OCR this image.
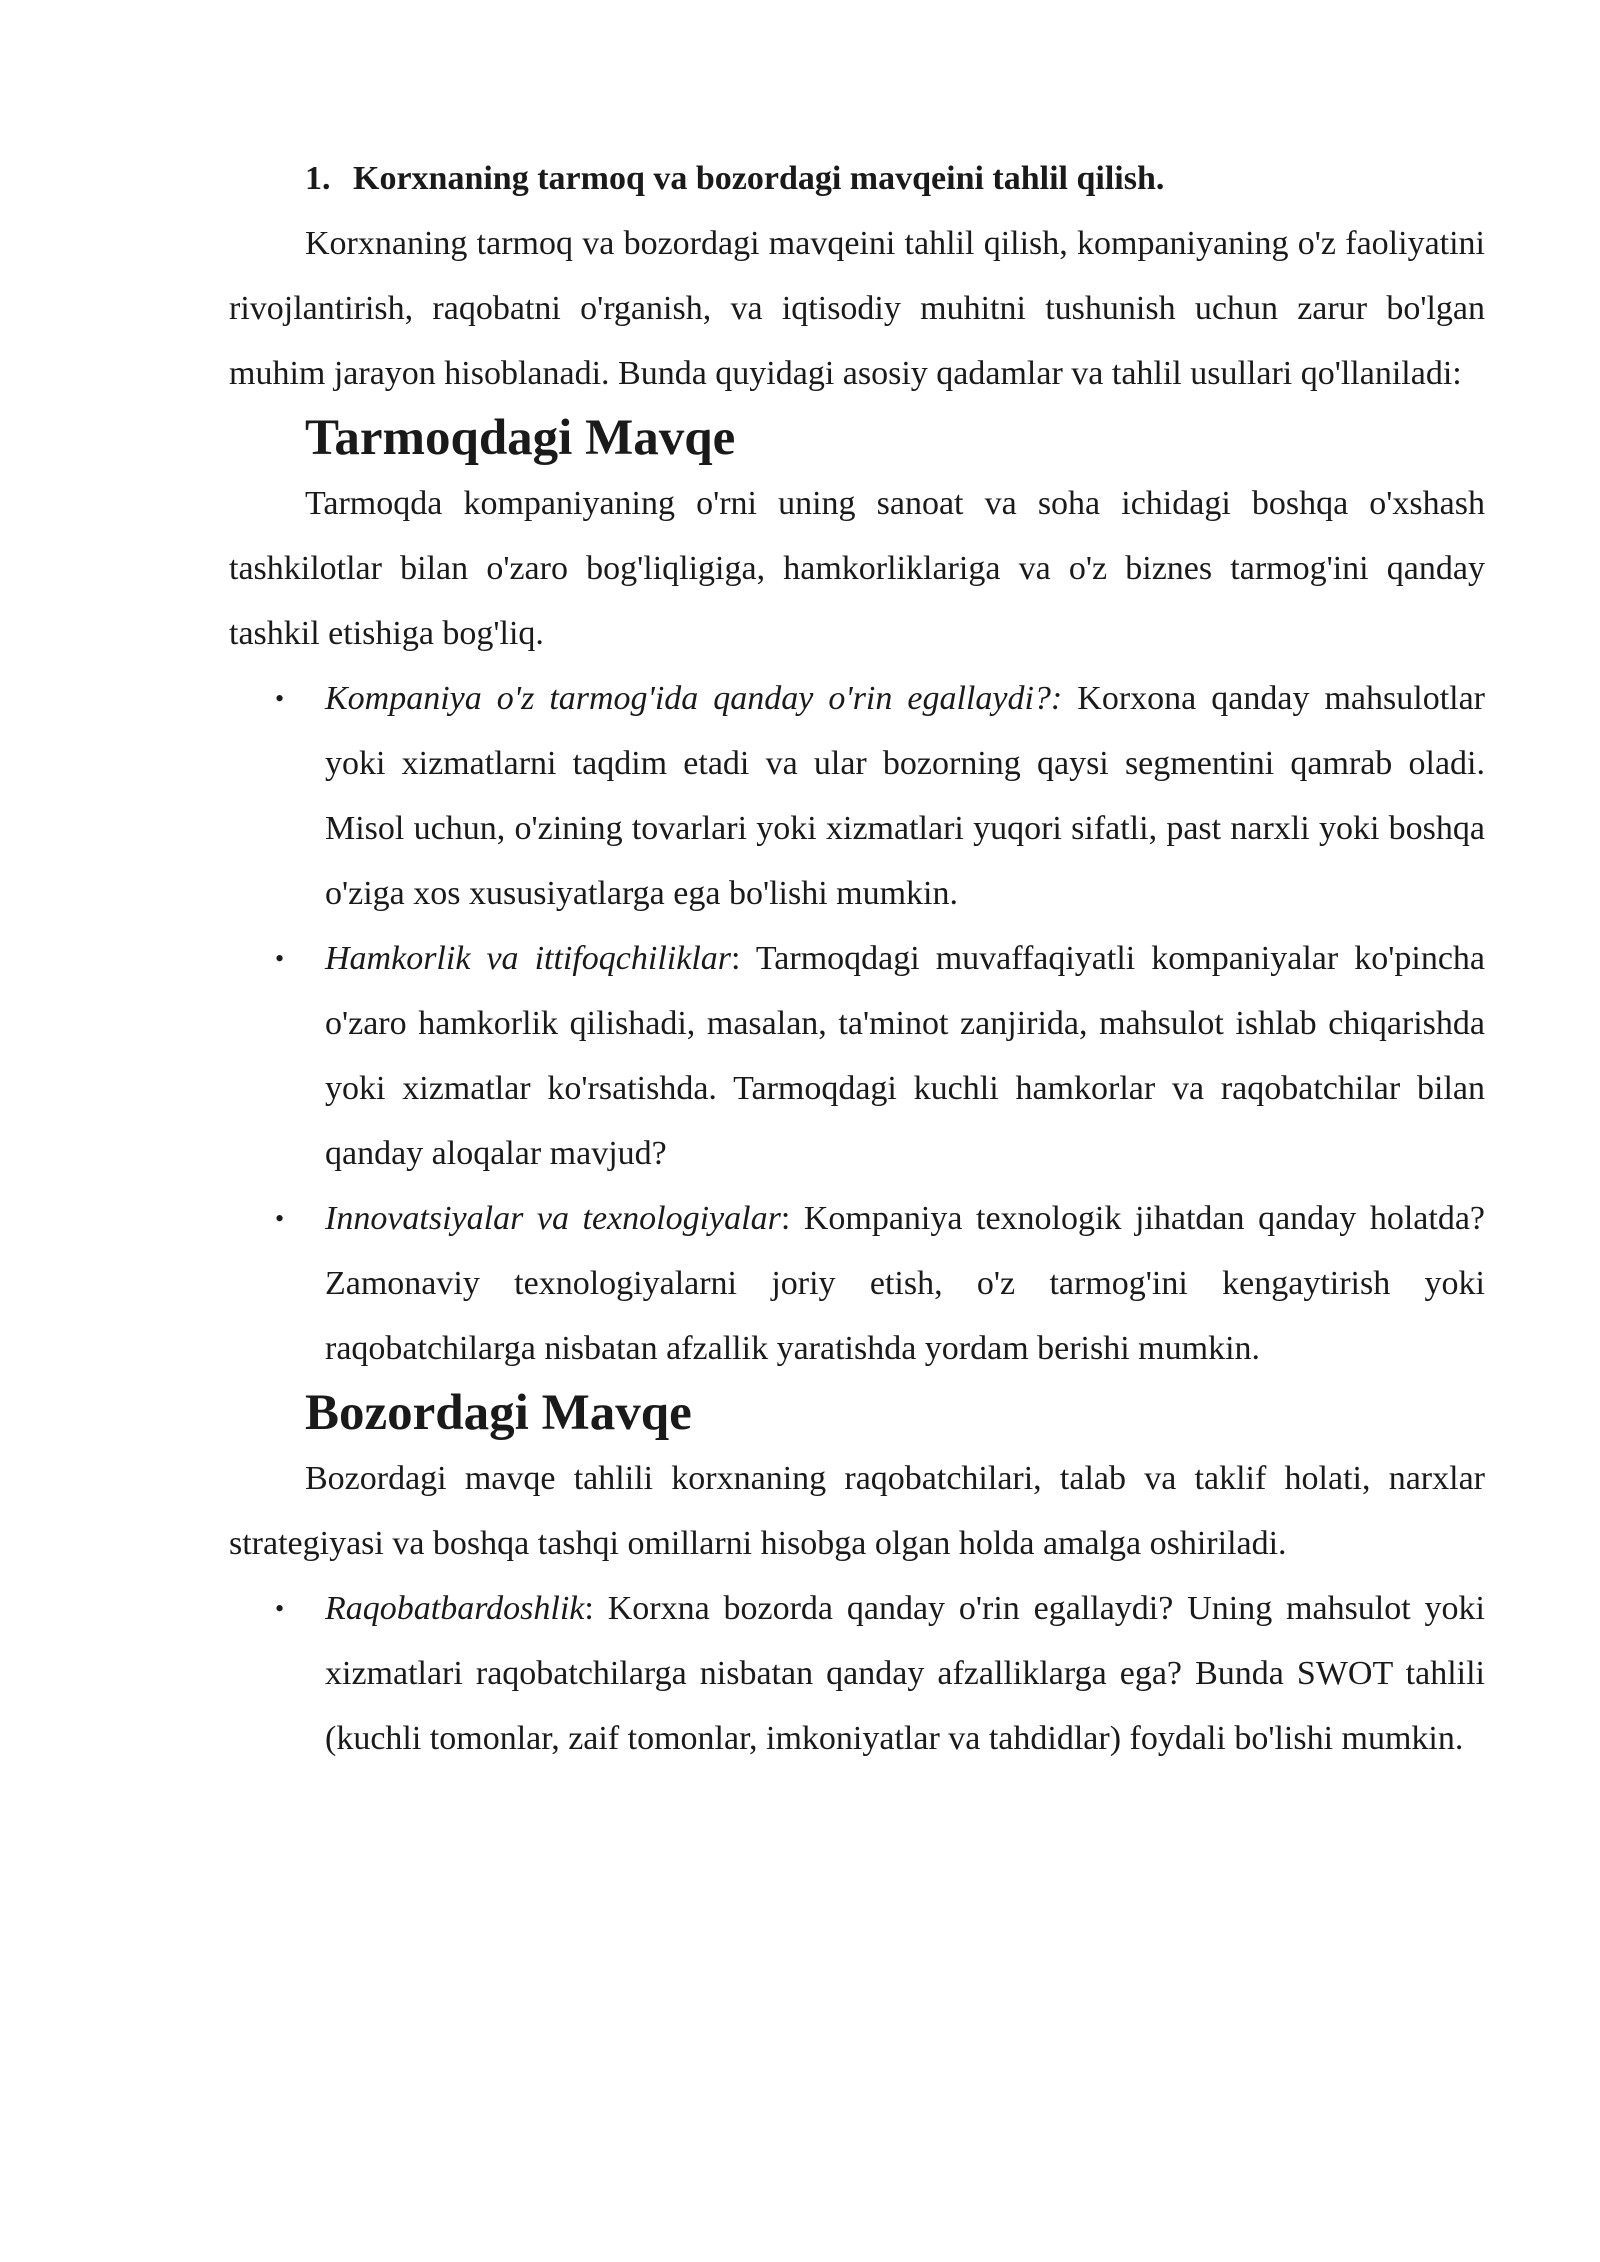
1. Korxnaning tarmoq va bozordagi mavqeini tahlil qilish.

Korxnaning tarmoq va bozordagi mavqeini tahlil qilish, kompaniyaning o'z faoliyatini rivojlantirish, raqobatni o'rganish, va iqtisodiy muhitni tushunish uchun zarur bo'lgan muhim jarayon hisoblanadi. Bunda quyidagi asosiy qadamlar va tahlil usullari qo'llaniladi:

Tarmoqdagi Mavqe

Tarmoqda kompaniyaning o'rni uning sanoat va soha ichidagi boshqa o'xshash tashkilotlar bilan o'zaro bog'liqligiga, hamkorliklariga va o'z biznes tarmog'ini qanday tashkil etishiga bog'liq.

• Kompaniya o'z tarmog'ida qanday o'rin egallaydi?: Korxona qanday mahsulotlar yoki xizmatlarni taqdim etadi va ular bozorning qaysi segmentini qamrab oladi. Misol uchun, o'zining tovarlari yoki xizmatlari yuqori sifatli, past narxli yoki boshqa o'ziga xos xususiyatlarga ega bo'lishi mumkin.
• Hamkorlik va ittifoqchiliklar: Tarmoqdagi muvaffaqiyatli kompaniyalar ko'pincha o'zaro hamkorlik qilishadi, masalan, ta'minot zanjirida, mahsulot ishlab chiqarishda yoki xizmatlar ko'rsatishda. Tarmoqdagi kuchli hamkorlar va raqobatchilar bilan qanday aloqalar mavjud?
• Innovatsiyalar va texnologiyalar: Kompaniya texnologik jihatdan qanday holatda? Zamonaviy texnologiyalarni joriy etish, o'z tarmog'ini kengaytirish yoki raqobatchilarga nisbatan afzallik yaratishda yordam berishi mumkin.
Bozordagi Mavqe

Bozordagi mavqe tahlili korxnaning raqobatchilari, talab va taklif holati, narxlar strategiyasi va boshqa tashqi omillarni hisobga olgan holda amalga oshiriladi.

• Raqobatbardoshlik: Korxna bozorda qanday o'rin egallaydi? Uning mahsulot yoki xizmatlari raqobatchilarga nisbatan qanday afzalliklarga ega? Bunda SWOT tahlili (kuchli tomonlar, zaif tomonlar, imkoniyatlar va tahdidlar) foydali bo'lishi mumkin.
